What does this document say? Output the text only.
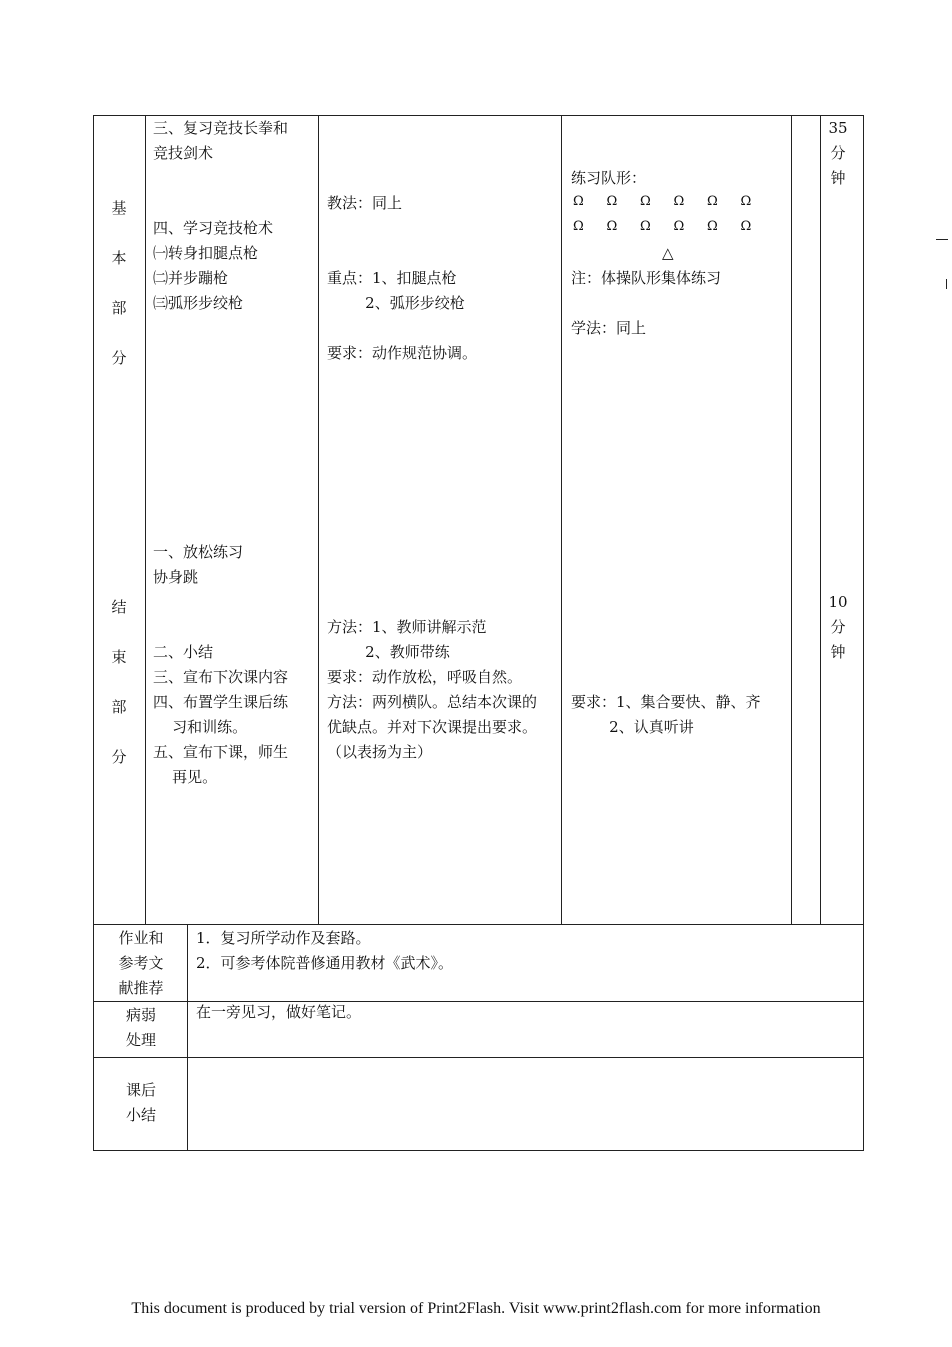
基
本
部
分
三、复习竞技长拳和
竞技剑术
四、学习竞技枪术
㈠转身扣腿点枪
㈡并步蹦枪
㈢弧形步绞枪
教法：同上
重点：1、扣腿点枪
2、弧形步绞枪
要求：动作规范协调。
练习队形：
Ω Ω Ω Ω Ω Ω
Ω Ω Ω Ω Ω Ω
△
注：体操队形集体练习
学法：同上
35
分
钟
结
束
部
分
一、放松练习
协身跳
二、小结
三、宣布下次课内容
四、布置学生课后练
习和训练。
五、宣布下课，师生
再见。
方法：1、教师讲解示范
2、教师带练
要求：动作放松，呼吸自然。
方法：两列横队。总结本次课的
优缺点。并对下次课提出要求。
（以表扬为主）
要求：1、集合要快、静、齐
2、认真听讲
10
分
钟
作业和
参考文
献推荐
1．复习所学动作及套路。
2．可参考体院普修通用教材《武术》。
病弱
处理
在一旁见习，做好笔记。
课后
小结
This document is produced by trial version of Print2Flash. Visit www.print2flash.com for more information
